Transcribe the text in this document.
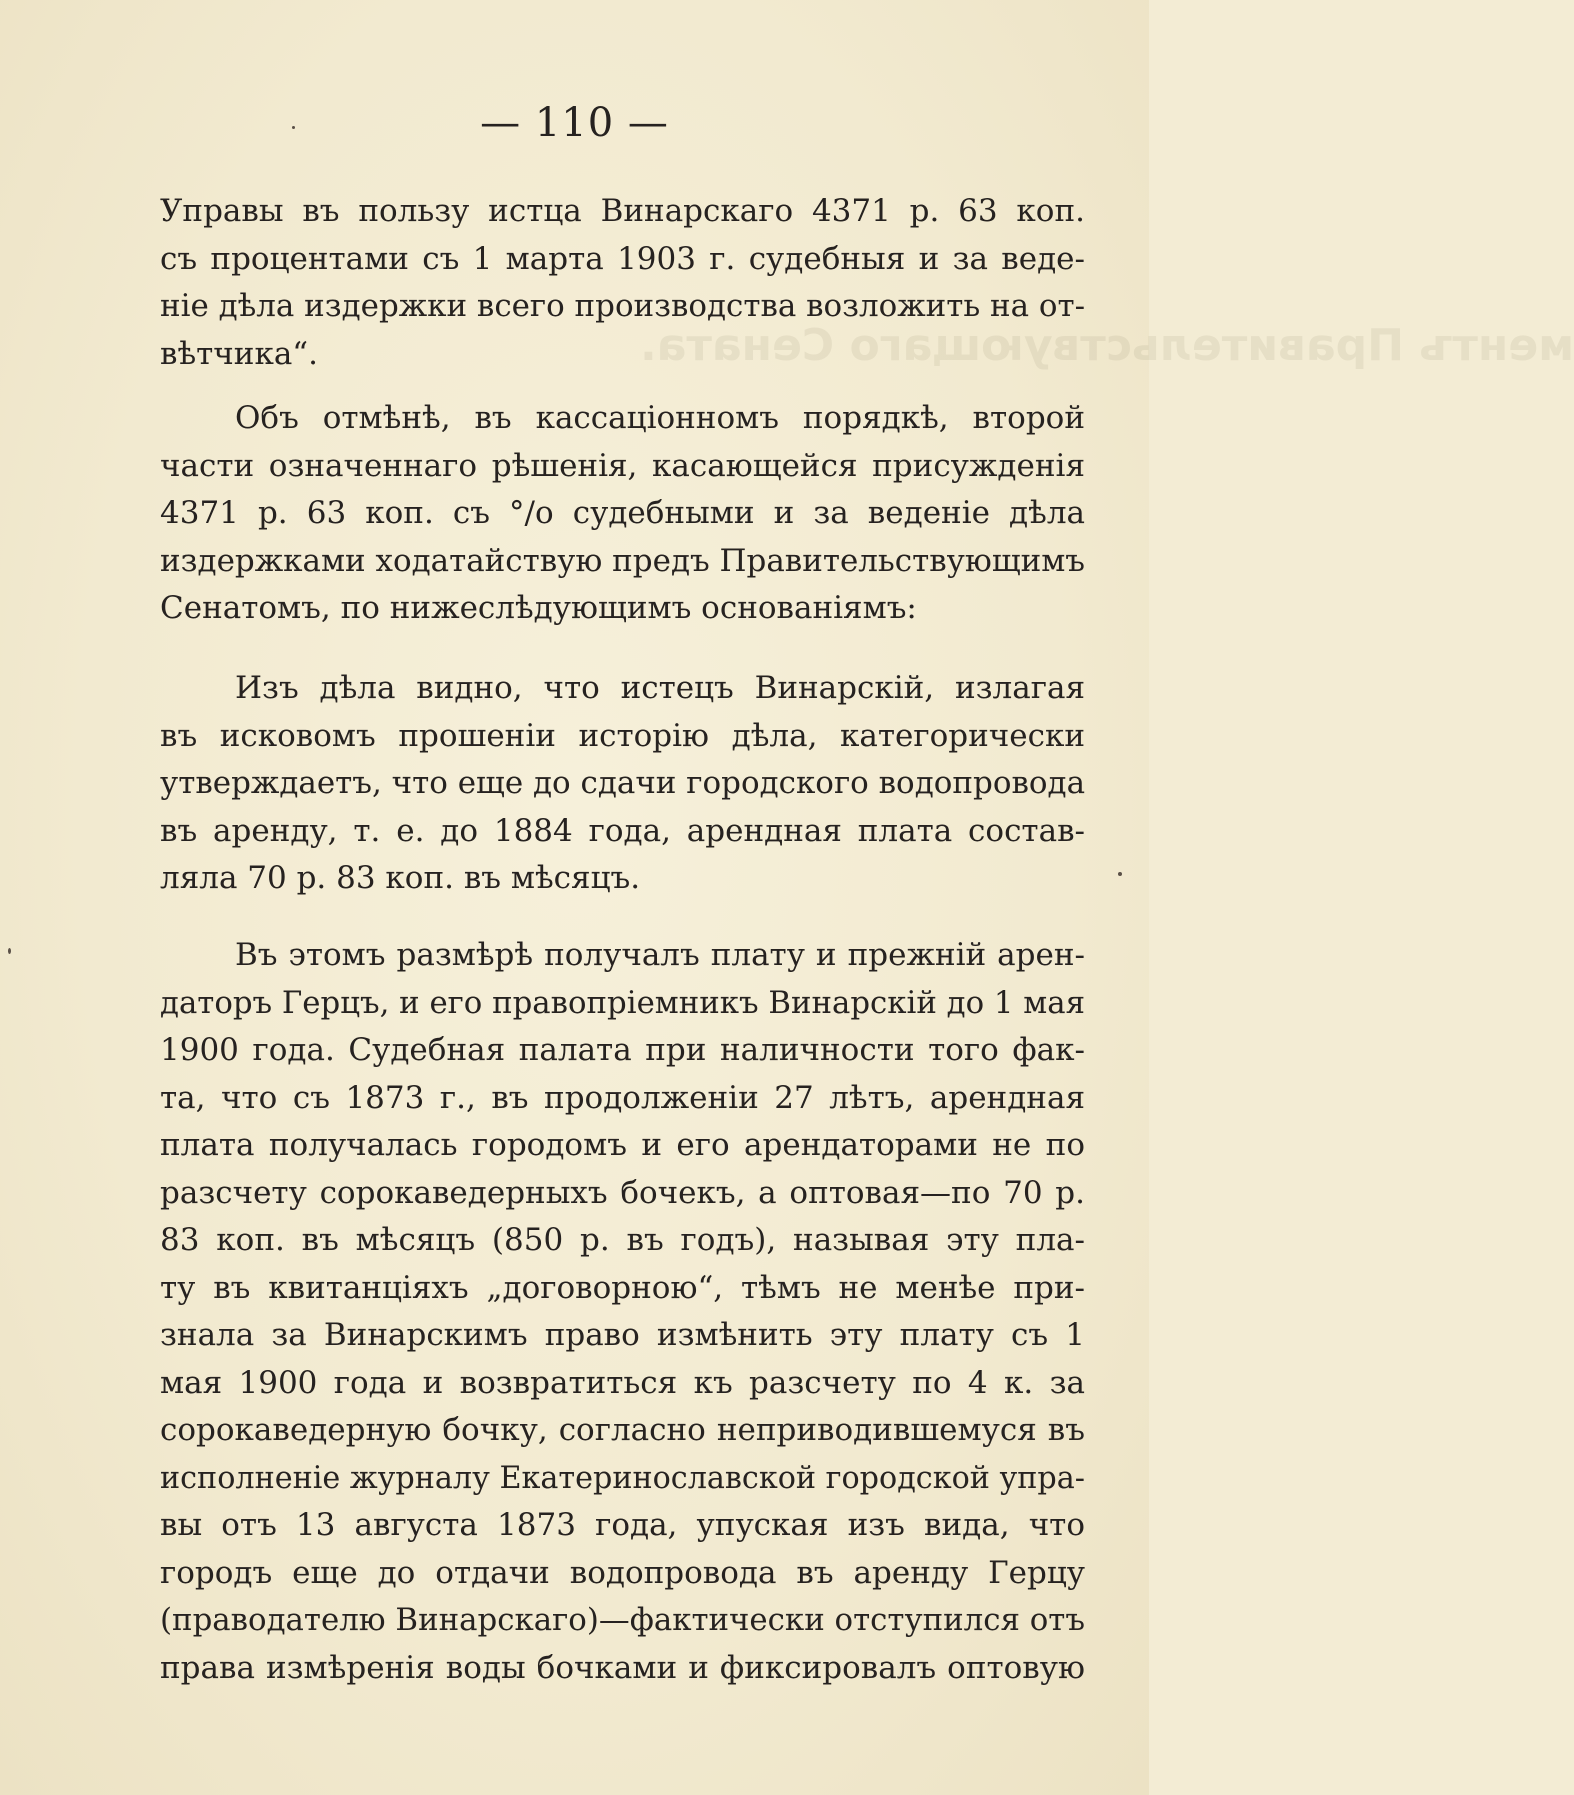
ментъ Правительствующаго Сената.
— 110 —
Управы въ пользу истца Винарскаго 4371 р. 63 коп.
съ процентами съ 1 марта 1903 г. судебныя и за веде-
нiе дѣла издержки всего производства возложить на от-
вѣтчика“.
Объ отмѣнѣ, въ кассацiонномъ порядкѣ, второй
части означеннаго рѣшенiя, касающейся присужденiя
4371 р. 63 коп. съ °/o судебными и за веденiе дѣла
издержками ходатайствую предъ Правительствующимъ
Сенатомъ, по нижеслѣдующимъ основанiямъ:
Изъ дѣла видно, что истецъ Винарскiй, излагая
въ исковомъ прошенiи исторiю дѣла, категорически
утверждаетъ, что еще до сдачи городского водопровода
въ аренду, т. е. до 1884 года, арендная плата состав-
ляла 70 р. 83 коп. въ мѣсяцъ.
Въ этомъ размѣрѣ получалъ плату и прежнiй арен-
даторъ Герцъ, и его правопрiемникъ Винарскiй до 1 мая
1900 года. Судебная палата при наличности того фак-
та, что съ 1873 г., въ продолженiи 27 лѣтъ, арендная
плата получалась городомъ и его арендаторами не по
разсчету сорокаведерныхъ бочекъ, а оптовая—по 70 р.
83 коп. въ мѣсяцъ (850 р. въ годъ), называя эту пла-
ту въ квитанцiяхъ „договорною“, тѣмъ не менѣе при-
знала за Винарскимъ право измѣнить эту плату съ 1
мая 1900 года и возвратиться къ разсчету по 4 к. за
сорокаведерную бочку, согласно неприводившемуся въ
исполненiе журналу Екатеринославской городской упра-
вы отъ 13 августа 1873 года, упуская изъ вида, что
городъ еще до отдачи водопровода въ аренду Герцу
(праводателю Винарскаго)—фактически отступился отъ
права измѣренiя воды бочками и фиксировалъ оптовую
